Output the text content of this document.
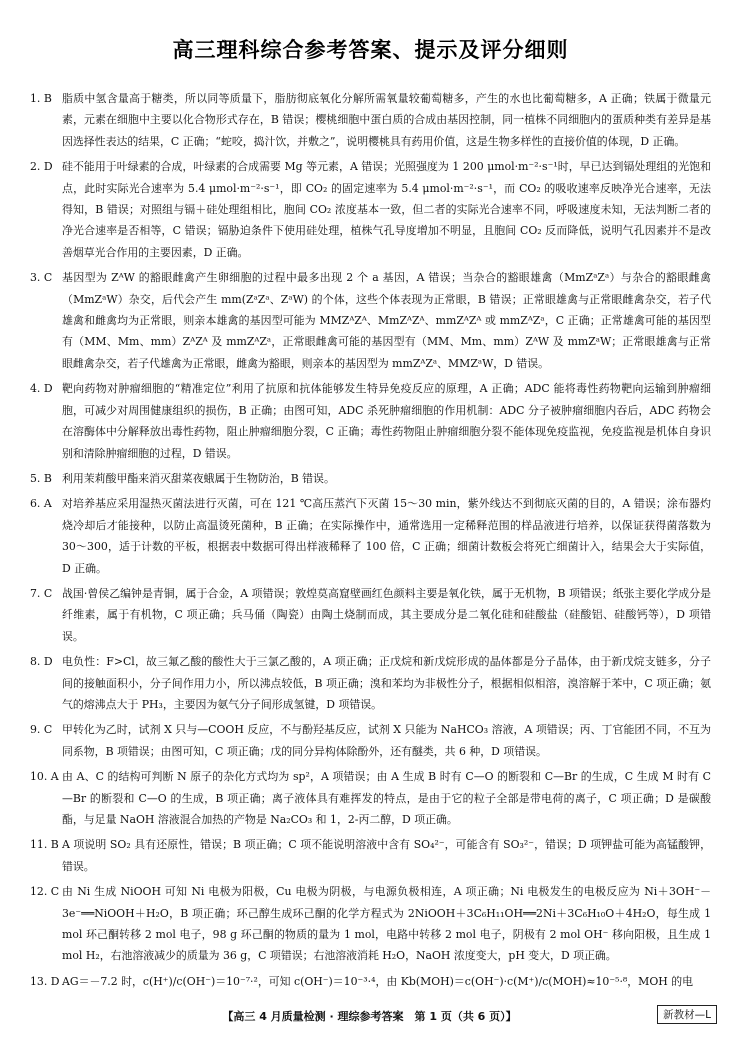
高三理科综合参考答案、提示及评分细则
1. B 脂质中氢含量高于糖类，所以同等质量下，脂肪彻底氧化分解所需氧量较葡萄糖多，产生的水也比葡萄糖多，A 正确；铁属于微量元素，元素在细胞中主要以化合物形式存在，B 错误；樱桃细胞中蛋白质的合成由基因控制，同一植株不同细胞内的蛋质种类有差异是基因选择性表达的结果，C 正确；“蛇咬，捣汁饮，并敷之”，说明樱桃具有药用价值，这是生物多样性的直接价值的体现，D 正确。
2. D 硅不能用于叶绿素的合成，叶绿素的合成需要 Mg 等元素，A 错误；光照强度为 1 200 μmol·m⁻²·s⁻¹时，早已达到镉处理组的光饱和点，此时实际光合速率为 5.4 μmol·m⁻²·s⁻¹，即 CO₂ 的固定速率为 5.4 μmol·m⁻²·s⁻¹，而 CO₂ 的吸收速率反映净光合速率，无法得知，B 错误；对照组与镉＋硅处理组相比，胞间 CO₂ 浓度基本一致，但二者的实际光合速率不同，呼吸速度未知，无法判断二者的净光合速率是否相等，C 错误；镉胁迫条件下使用硅处理，植株气孔导度增加不明显，且胞间 CO₂ 反而降低，说明气孔因素并不是改善烟草光合作用的主要因素，D 正确。
3. C 基因型为 ZᴬW 的豁眼雌禽产生卵细胞的过程中最多出现 2 个 a 基因，A 错误；当杂合的豁眼雄禽（MmZᵃZᵃ）与杂合的豁眼雌禽（MmZᵃW）杂交，后代会产生 mm(ZᵃZᵃ、ZᵃW) 的个体，这些个体表现为正常眼，B 错误；正常眼雄禽与正常眼雌禽杂交，若子代雄禽和雌禽均为正常眼，则亲本雄禽的基因型可能为 MMZᴬZᴬ、MmZᴬZᴬ、mmZᴬZᴬ 或 mmZᴬZᵃ，C 正确；正常雄禽可能的基因型有（MM、Mm、mm）ZᴬZᴬ 及 mmZᴬZᵃ，正常眼雌禽可能的基因型有（MM、Mm、mm）ZᴬW 及 mmZᵃW；正常眼雄禽与正常眼雌禽杂交，若子代雄禽为正常眼，雌禽为豁眼，则亲本的基因型为 mmZᴬZᵃ、MMZᵃW，D 错误。
4. D 靶向药物对肿瘤细胞的“精准定位”利用了抗原和抗体能够发生特异免疫反应的原理，A 正确；ADC 能将毒性药物靶向运输到肿瘤细胞，可减少对周围健康组织的损伤，B 正确；由图可知，ADC 杀死肿瘤细胞的作用机制：ADC 分子被肿瘤细胞内吞后，ADC 药物会在溶酶体中分解释放出毒性药物，阻止肿瘤细胞分裂，C 正确；毒性药物阻止肿瘤细胞分裂不能体现免疫监视，免疫监视是机体自身识别和清除肿瘤细胞的过程，D 错误。
5. B 利用茉莉酸甲酯来消灭甜菜夜蛾属于生物防治，B 错误。
6. A 对培养基应采用湿热灭菌法进行灭菌，可在 121 ℃高压蒸汽下灭菌 15～30 min，紫外线达不到彻底灭菌的目的，A 错误；涂布器灼烧冷却后才能接种，以防止高温烫死菌种，B 正确；在实际操作中，通常选用一定稀释范围的样品液进行培养，以保证获得菌落数为 30～300，适于计数的平板，根据表中数据可得出样液稀释了 100 倍，C 正确；细菌计数板会将死亡细菌计入，结果会大于实际值，D 正确。
7. C 战国·曾侯乙编钟是青铜，属于合金，A 项错误；敦煌莫高窟壁画红色颜料主要是氧化铁，属于无机物，B 项错误；纸张主要化学成分是纤维素，属于有机物，C 项正确；兵马俑（陶瓷）由陶土烧制而成，其主要成分是二氧化硅和硅酸盐（硅酸铝、硅酸钙等），D 项错误。
8. D 电负性：F>Cl，故三氟乙酸的酸性大于三氯乙酸的，A 项正确；正戊烷和新戊烷形成的晶体都是分子晶体，由于新戊烷支链多，分子间的接触面积小，分子间作用力小，所以沸点较低，B 项正确；溴和苯均为非极性分子，根据相似相溶，溴溶解于苯中，C 项正确；氨气的熔沸点大于 PH₃，主要因为氨气分子间形成氢键，D 项错误。
9. C 甲转化为乙时，试剂 X 只与—COOH 反应，不与酚羟基反应，试剂 X 只能为 NaHCO₃ 溶液，A 项错误；丙、丁官能团不同，不互为同系物，B 项错误；由图可知，C 项正确；戊的同分异构体除酚外，还有醚类，共 6 种，D 项错误。
10. A 由 A、C 的结构可判断 N 原子的杂化方式均为 sp²，A 项错误；由 A 生成 B 时有 C—O 的断裂和 C—Br 的生成，C 生成 M 时有 C—Br 的断裂和 C—O 的生成，B 项正确；离子液体具有难挥发的特点，是由于它的粒子全部是带电荷的离子，C 项正确；D 是碳酸酯，与足量 NaOH 溶液混合加热的产物是 Na₂CO₃ 和 1，2-丙二醇，D 项正确。
11. B A 项说明 SO₂ 具有还原性，错误；B 项正确；C 项不能说明溶液中含有 SO₄²⁻，可能含有 SO₃²⁻，错误；D 项钾盐可能为高锰酸钾，错误。
12. C 由 Ni 生成 NiOOH 可知 Ni 电极为阳极，Cu 电极为阴极，与电源负极相连，A 项正确；Ni 电极发生的电极反应为 Ni＋3OH⁻－3e⁻══NiOOH＋H₂O，B 项正确；环己醇生成环己酮的化学方程式为 2NiOOH＋3C₆H₁₁OH══2Ni＋3C₆H₁₀O＋4H₂O，每生成 1 mol 环己酮转移 2 mol 电子，98 g 环己酮的物质的量为 1 mol，电路中转移 2 mol 电子，阴极有 2 mol OH⁻ 移向阳极，且生成 1 mol H₂，右池溶液减少的质量为 36 g，C 项错误；右池溶液消耗 H₂O，NaOH 浓度变大，pH 变大，D 项正确。
13. D AG＝－7.2 时，c(H⁺)/c(OH⁻)＝10⁻⁷·²，可知 c(OH⁻)＝10⁻³·⁴，由 Kb(MOH)＝c(OH⁻)·c(M⁺)/c(MOH)≈10⁻⁵·⁸，MOH 的电
【高三 4 月质量检测 · 理综参考答案　第 1 页（共 6 页）】	新教材—L
